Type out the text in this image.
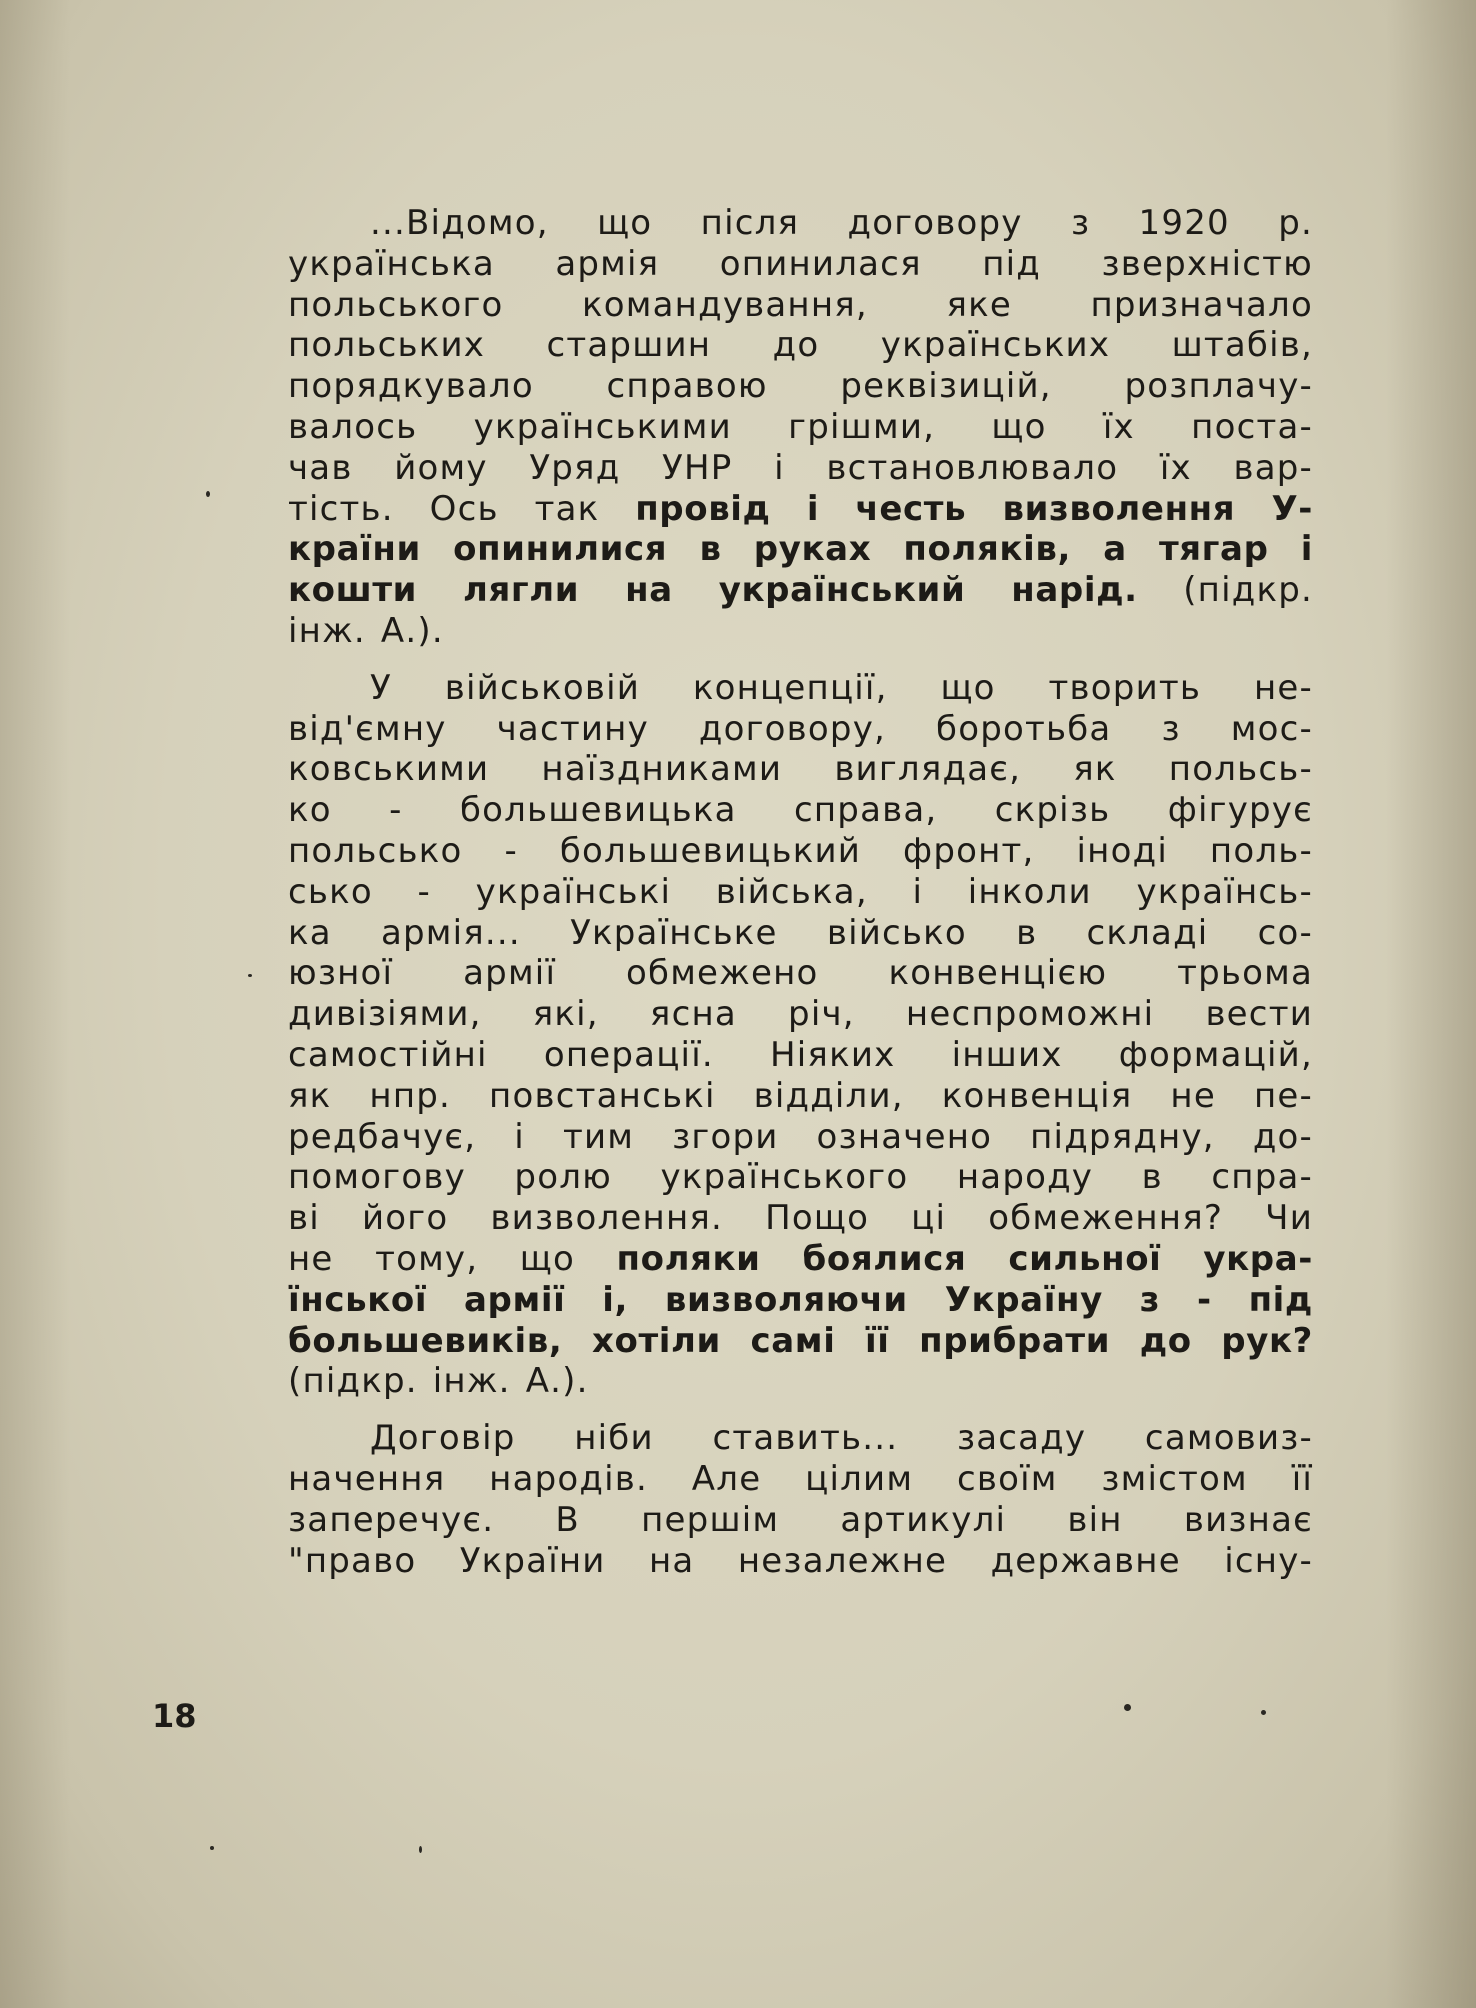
...Відомо, що після договору з 1920 р.
українська армія опинилася під зверхністю
польського командування, яке призначало
польських старшин до українських штабів,
порядкувало справою реквізицій, розплачу-
валось українськими грішми, що їх поста-
чав йому Уряд УНР і встановлювало їх вар-
тість. Ось так провід і честь визволення У-
країни опинилися в руках поляків, а тягар і
кошти лягли на український нарід. (підкр.
інж. А.).
У військовій концепції, що творить не-
від'ємну частину договору, боротьба з мос-
ковськими наїздниками виглядає, як польсь-
ко - большевицька справа, скрізь фігурує
польсько - большевицький фронт, іноді поль-
сько - українські війська, і інколи українсь-
ка армія... Українське військо в складі со-
юзної армії обмежено конвенцією трьома
дивізіями, які, ясна річ, неспроможні вести
самостійні операції. Ніяких інших формацій,
як нпр. повстанські відділи, конвенція не пе-
редбачує, і тим згори означено підрядну, до-
помогову ролю українського народу в спра-
ві його визволення. Пощо ці обмеження? Чи
не тому, що поляки боялися сильної укра-
їнської армії і, визволяючи Україну з - під
большевиків, хотіли самі її прибрати до рук?
(підкр. інж. А.).
Договір ніби ставить... засаду самовиз-
начення народів. Але цілим своїм змістом її
заперечує. В першім артикулі він визнає
"право України на незалежне державне існу-
18
